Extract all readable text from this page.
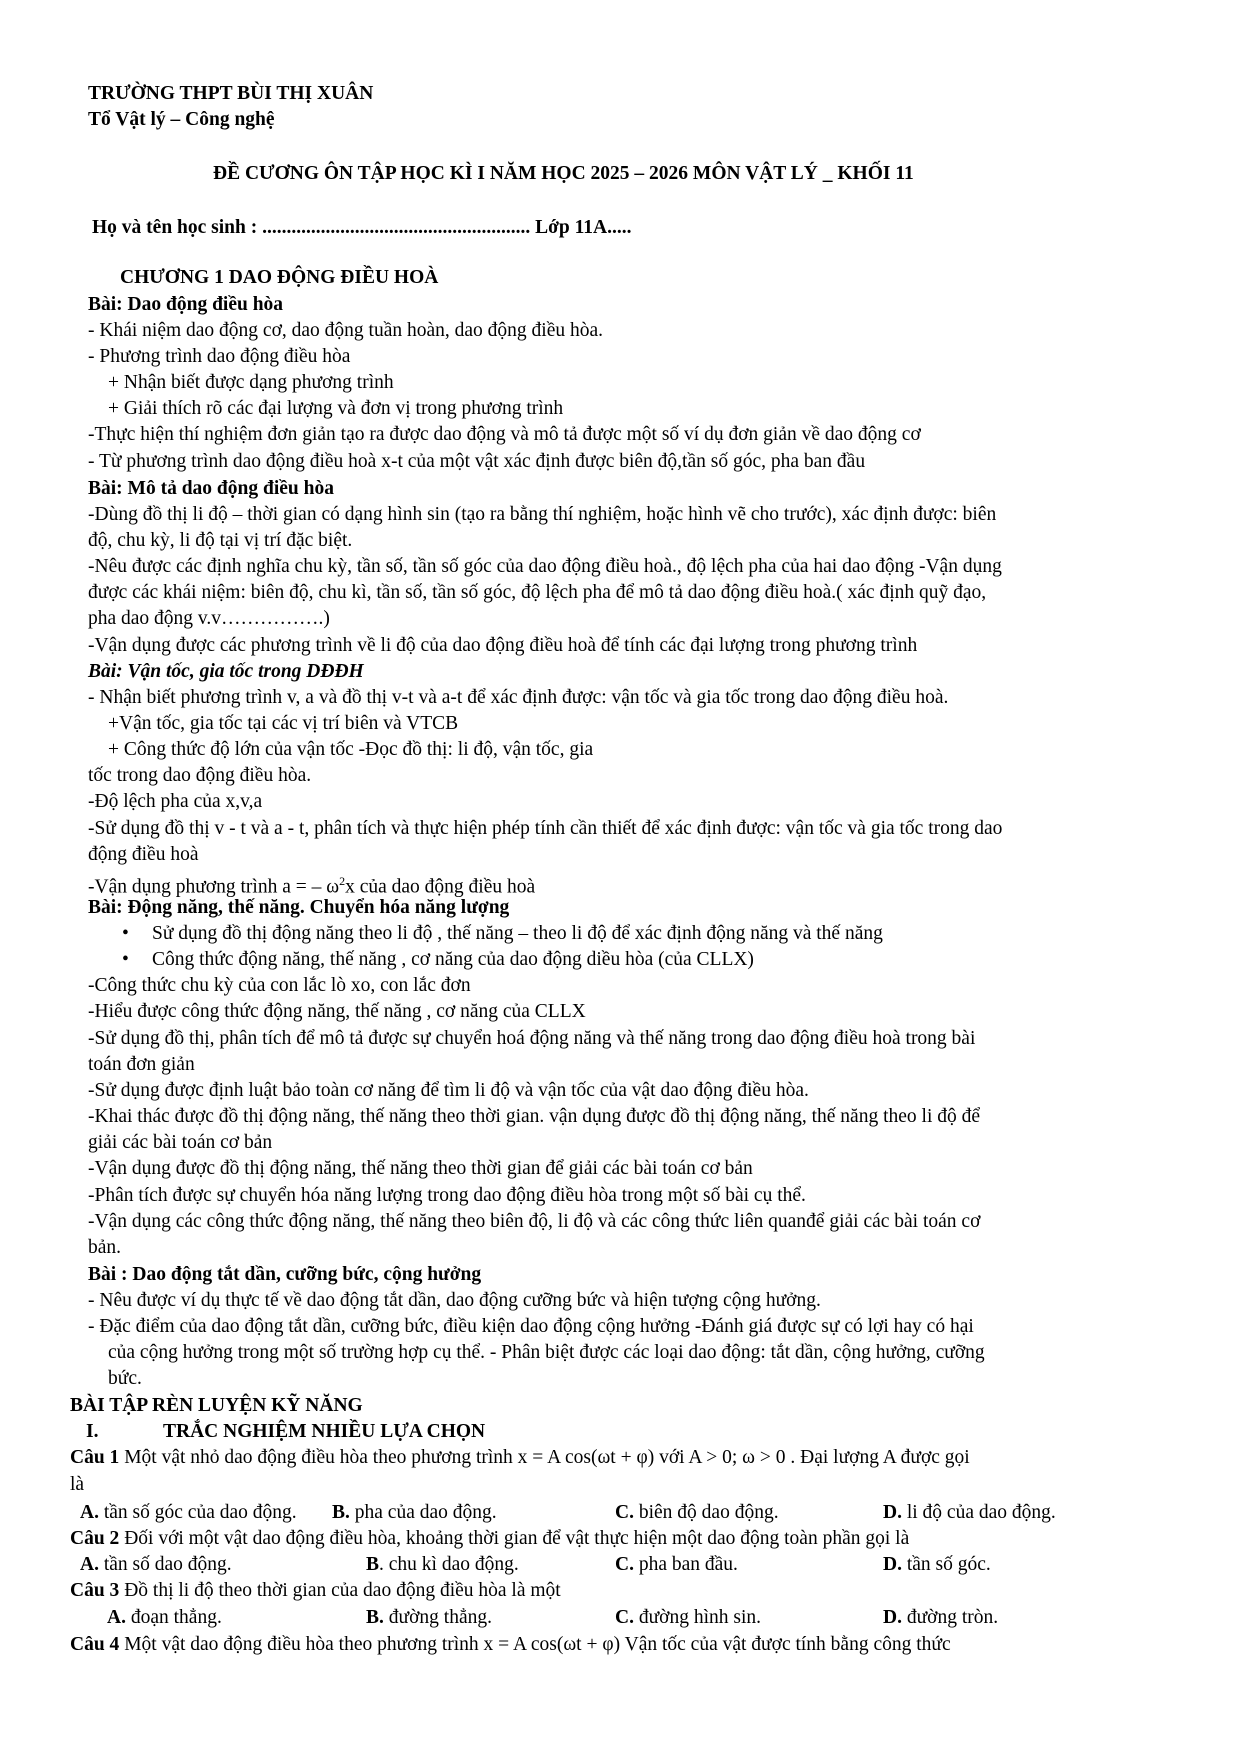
TRƯỜNG THPT BÙI THỊ XUÂN
Tổ Vật lý – Công nghệ
ĐỀ CƯƠNG ÔN TẬP HỌC KÌ I NĂM HỌC 2025 – 2026 MÔN VẬT LÝ _ KHỐI 11
Họ và tên học sinh : ....................................................... Lớp 11A.....
CHƯƠNG 1 DAO ĐỘNG ĐIỀU HOÀ
Bài: Dao động điều hòa
- Khái niệm dao động cơ, dao động tuần hoàn, dao động điều hòa.
- Phương trình dao động điều hòa
+ Nhận biết được dạng phương trình
+ Giải thích rõ các đại lượng và đơn vị trong phương trình
-Thực hiện thí nghiệm đơn giản tạo ra được dao động và mô tả được một số ví dụ đơn giản về dao động cơ
- Từ phương trình dao động điều hoà x-t của một vật xác định được biên độ,tần số góc, pha ban đầu
Bài: Mô tả dao động điều hòa
-Dùng đồ thị li độ – thời gian có dạng hình sin (tạo ra bằng thí nghiệm, hoặc hình vẽ cho trước), xác định được: biên
độ, chu kỳ, li độ tại vị trí đặc biệt.
-Nêu được các định nghĩa chu kỳ, tần số, tần số góc của dao động điều hoà., độ lệch pha của hai dao động -Vận dụng
được các khái niệm: biên độ, chu kì, tần số, tần số góc, độ lệch pha để mô tả dao động điều hoà.( xác định quỹ đạo,
pha dao động v.v…………….)
-Vận dụng được các phương trình về li độ của dao động điều hoà để tính các đại lượng trong phương trình
Bài: Vận tốc, gia tốc trong DĐĐH
- Nhận biết phương trình v, a và đồ thị v-t và a-t để xác định được: vận tốc và gia tốc trong dao động điều hoà.
+Vận tốc, gia tốc tại các vị trí biên và VTCB
+ Công thức độ lớn của vận tốc -Đọc đồ thị: li độ, vận tốc, gia
tốc trong dao động điều hòa.
-Độ lệch pha của x,v,a
-Sử dụng đồ thị v - t và a - t, phân tích và thực hiện phép tính cần thiết để xác định được: vận tốc và gia tốc trong dao
động điều hoà
-Vận dụng phương trình a = – $\omega^2x$ của dao động điều hoà
Bài: Động năng, thế năng. Chuyển hóa năng lượng
• Sử dụng đồ thị động năng theo li độ , thế năng – theo li độ để xác định động năng và thế năng
• Công thức động năng, thế năng , cơ năng của dao động diều hòa (của CLLX)
-Công thức chu kỳ của con lắc lò xo, con lắc đơn
-Hiểu được công thức động năng, thế năng , cơ năng của CLLX
-Sử dụng đồ thị, phân tích để mô tả được sự chuyển hoá động năng và thế năng trong dao động điều hoà trong bài
toán đơn giản
-Sử dụng được định luật bảo toàn cơ năng để tìm li độ và vận tốc của vật dao động điều hòa.
-Khai thác được đồ thị động năng, thế năng theo thời gian. vận dụng được đồ thị động năng, thế năng theo li độ để
giải các bài toán cơ bản
-Vận dụng được đồ thị động năng, thế năng theo thời gian để giải các bài toán cơ bản
-Phân tích được sự chuyển hóa năng lượng trong dao động điều hòa trong một số bài cụ thể.
-Vận dụng các công thức động năng, thế năng theo biên độ, li độ và các công thức liên quanđể giải các bài toán cơ
bản.
Bài : Dao động tắt dần, cưỡng bức, cộng hưởng
- Nêu được ví dụ thực tế về dao động tắt dần, dao động cưỡng bức và hiện tượng cộng hưởng.
- Đặc điểm của dao động tắt dần, cưỡng bức, điều kiện dao động cộng hưởng -Đánh giá được sự có lợi hay có hại
của cộng hưởng trong một số trường hợp cụ thể. - Phân biệt được các loại dao động: tắt dần, cộng hưởng, cưỡng
bức.
BÀI TẬP RÈN LUYỆN KỸ NĂNG
I.	TRẮC NGHIỆM NHIỀU LỰA CHỌN
Câu 1 Một vật nhỏ dao động điều hòa theo phương trình x = A cos(ωt + φ) với A > 0; ω > 0 . Đại lượng A được gọi
là
A. tần số góc của dao động. B. pha của dao động.	C. biên độ dao động.	D. li độ của dao động.
Câu 2 Đối với một vật dao động điều hòa, khoảng thời gian để vật thực hiện một dao động toàn phần gọi là
A. tần số dao động.	B. chu kì dao động.	C. pha ban đầu.	D. tần số góc.
Câu 3 Đồ thị li độ theo thời gian của dao động điều hòa là một
A. đoạn thẳng.	B. đường thẳng.	C. đường hình sin.	D. đường tròn.
Câu 4 Một vật dao động điều hòa theo phương trình x = A cos(ωt + φ) Vận tốc của vật được tính bằng công thức
